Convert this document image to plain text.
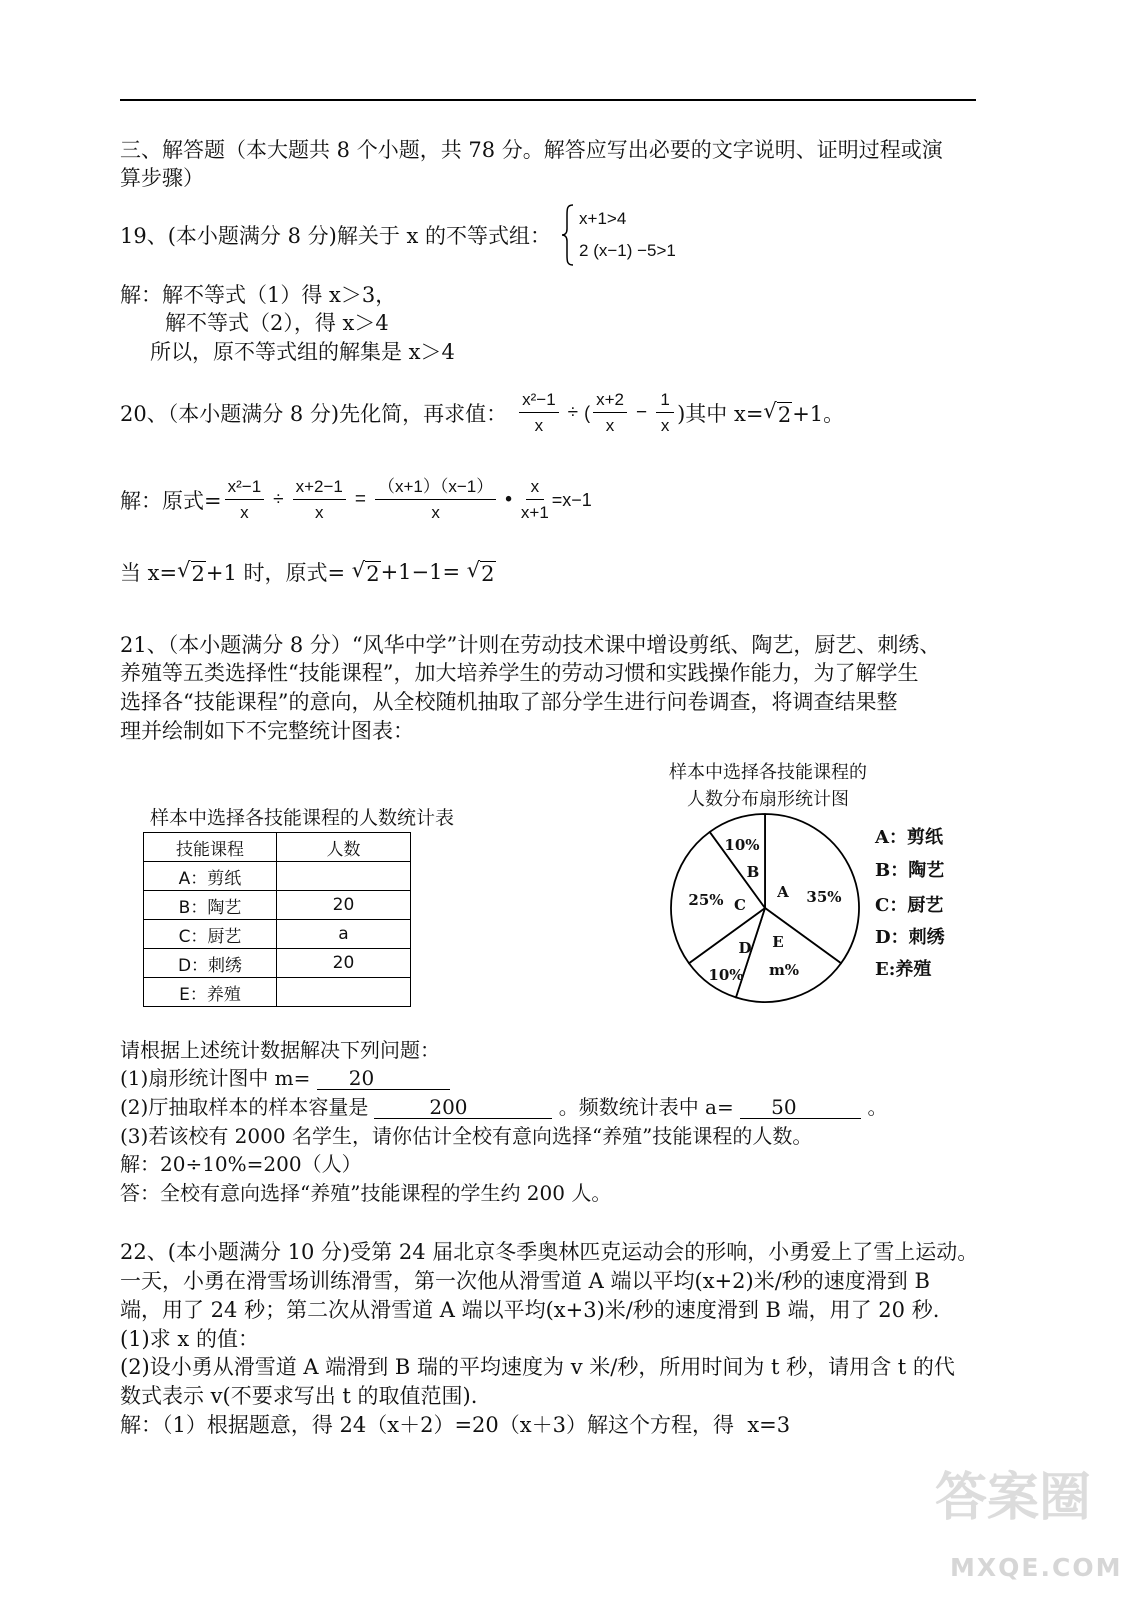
三、解答题（本大题共 8 个小题，共 78 分。解答应写出必要的文字说明、证明过程或演
算步骤）
19、(本小题满分 8 分)解关于 x 的不等式组：
x+1>4
2 (x−1) −5>1
解：解不等式（1）得 x＞3，
解不等式（2），得 x＞4
所以，原不等式组的解集是 x＞4
20、（本小题满分 8 分)先化简，再求值： $\frac{\text{x²−1}}{x}$ ÷ ( $\frac{x+2}{x} - \frac{1}{x}$ )其中 x= √ 2 +1。
解：原式= $\frac{\text{x²−1}}{x} \div \frac{x+2-1}{x} = \frac{(x+1)(x-1)}{x}$ • $\frac{x}{x+1} =x-1$
当 x= √ 2 +1 时，原式= √ 2 +1−1= √ 2
21、（本小题满分 8 分）“风华中学”计则在劳动技术课中增设剪纸、陶艺，厨艺、刺绣、
养殖等五类选择性“技能课程”，加大培养学生的劳动习惯和实践操作能力，为了解学生
选择各“技能课程”的意向，从全校随机抽取了部分学生进行问卷调查，将调查结果整
理并绘制如下不完整统计图表：
样本中选择各技能课程的人数统计表
技能课程	人数
A：剪纸	
B：陶艺	20
C：厨艺	a
D：刺绣	20
E：养殖	
样本中选择各技能课程的
人数分布扇形统计图
A 35%
E
m%
D
10%
C
25%
B
10%	A：剪纸
B：陶艺
C：厨艺
D：刺绣
E:养殖
请根据上述统计数据解决下列问题：
(1)扇形统计图中 m= 20
(2)厅抽取样本的样本容量是	200	。频数统计表中 a= 50	。
(3)若该校有 2000 名学生，请你估计全校有意向选择“养殖”技能课程的人数。
解：20÷10%=200（人）
答：全校有意向选择“养殖”技能课程的学生约 200 人。
22、(本小题满分 10 分)受第 24 届北京冬季奥林匹克运动会的形响，小勇爱上了雪上运动。
一天，小勇在滑雪场训练滑雪，第一次他从滑雪道 A 端以平均(x+2)米/秒的速度滑到 B
端，用了 24 秒；第二次从滑雪道 A 端以平均(x+3)米/秒的速度滑到 B 端，用了 20 秒.
(1)求 x 的值：
(2)设小勇从滑雪道 A 端滑到 B 瑞的平均速度为 v 米/秒，所用时间为 t 秒，请用含 t 的代
数式表示 v(不要求写出 t 的取值范围).
解：（1）根据题意，得 24（x＋2）=20（x＋3）解这个方程，得  x=3
答案圈
MXQE.COM
